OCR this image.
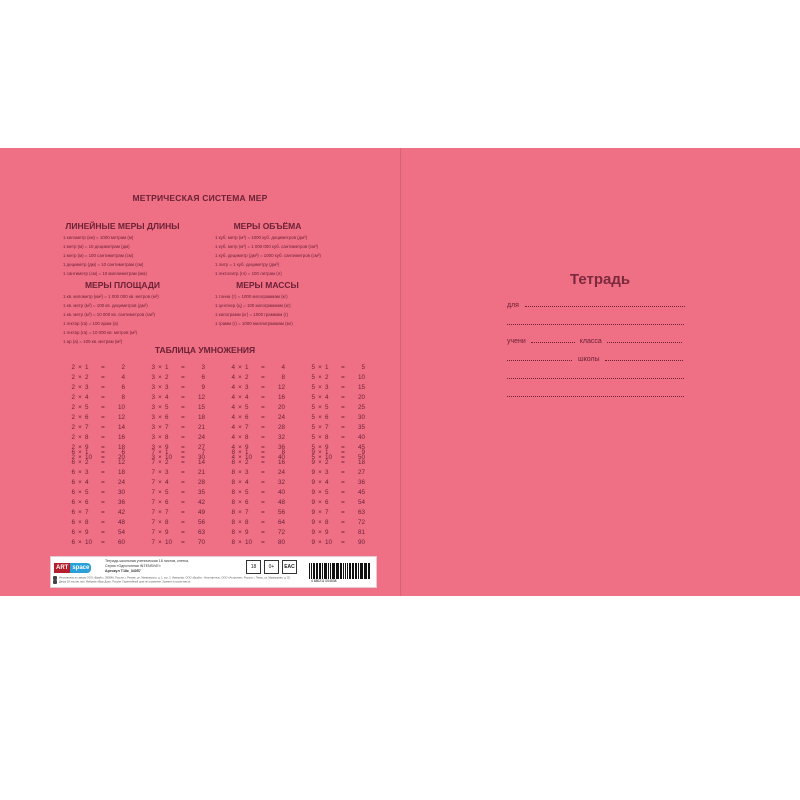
МЕТРИЧЕСКАЯ СИСТЕМА МЕР
ЛИНЕЙНЫЕ МЕРЫ ДЛИНЫ
1 километр (км) = 1000 метрам (м)
1 метр (м) = 10 дециметрам (дм)
1 метр (м) = 100 сантиметрам (см)
1 дециметр (дм) = 10 сантиметрам (см)
1 сантиметр (см) = 10 миллиметрам (мм)
МЕРЫ ОБЪЁМА
1 куб. метр (м³) = 1000 куб. дециметров (дм³)
1 куб. метр (м³) = 1 000 000 куб. сантиметров (см³)
1 куб. дециметр (дм³) = 1000 куб. сантиметров (см³)
1 литр = 1 куб. дециметру (дм³)
1 гектолитр (гл) = 100 литрам (л)
МЕРЫ ПЛОЩАДИ
1 кв. километр (км²) = 1 000 000 кв. метров (м²)
1 кв. метр (м²) = 100 кв. дециметров (дм²)
1 кв. метр (м²) = 10 000 кв. сантиметров (см²)
1 гектар (га) = 100 арам (а)
1 гектар (га) = 10 000 кв. метров (м²)
1 ар (а) = 100 кв. метрам (м²)
МЕРЫ МАССЫ
1 тонна (т) = 1000 килограммам (кг)
1 центнер (ц) = 100 килограммам (кг)
1 килограмм (кг) = 1000 граммам (г)
1 грамм (г) = 1000 миллиграммам (мг)
ТАБЛИЦА УМНОЖЕНИЯ
2 × 1	=	2
2 × 2	=	4
2 × 3	=	6
2 × 4	=	8
2 × 5	=	10
2 × 6	=	12
2 × 7	=	14
2 × 8	=	16
2 × 9	=	18
2 × 10	=	20
3 × 1	=	3
3 × 2	=	6
3 × 3	=	9
3 × 4	=	12
3 × 5	=	15
3 × 6	=	18
3 × 7	=	21
3 × 8	=	24
3 × 9	=	27
3 × 10	=	30
4 × 1	=	4
4 × 2	=	8
4 × 3	=	12
4 × 4	=	16
4 × 5	=	20
4 × 6	=	24
4 × 7	=	28
4 × 8	=	32
4 × 9	=	36
4 × 10	=	40
5 × 1	=	5
5 × 2	=	10
5 × 3	=	15
5 × 4	=	20
5 × 5	=	25
5 × 6	=	30
5 × 7	=	35
5 × 8	=	40
5 × 9	=	45
5 × 10	=	50
6 × 1	=	6
6 × 2	=	12
6 × 3	=	18
6 × 4	=	24
6 × 5	=	30
6 × 6	=	36
6 × 7	=	42
6 × 8	=	48
6 × 9	=	54
6 × 10	=	60
7 × 1	=	7
7 × 2	=	14
7 × 3	=	21
7 × 4	=	28
7 × 5	=	35
7 × 6	=	42
7 × 7	=	49
7 × 8	=	56
7 × 9	=	63
7 × 10	=	70
8 × 1	=	8
8 × 2	=	16
8 × 3	=	24
8 × 4	=	32
8 × 5	=	40
8 × 6	=	48
8 × 7	=	56
8 × 8	=	64
8 × 9	=	72
8 × 10	=	80
9 × 1	=	9
9 × 2	=	18
9 × 3	=	27
9 × 4	=	36
9 × 5	=	45
9 × 6	=	54
9 × 7	=	63
9 × 8	=	72
9 × 9	=	81
9 × 10	=	90
ART space
Тетрадь школьная ученическая 18 листов, клетка.
Серия «Однотонная INTENSIVE»
Артикул Т18к_34057
18	0+	EAC
4 680211 004538
Изготовлено по заказу ООО «Брайт», 390046, Россия, г. Рязань, ул. Маяковского, д. 1, стр. 2. Импортёр: ООО «Брайт». Изготовитель: ООО «Астрелия», Россия, г. Тверь, ул. Мраморная, д. 32.
Декор 18 листов, ноя. Фабрика «Ваш Дом», Россия. Гарантийный срок не ограничен. Хранить в сухом месте.
Тетрадь
для
учени	класса
школы
